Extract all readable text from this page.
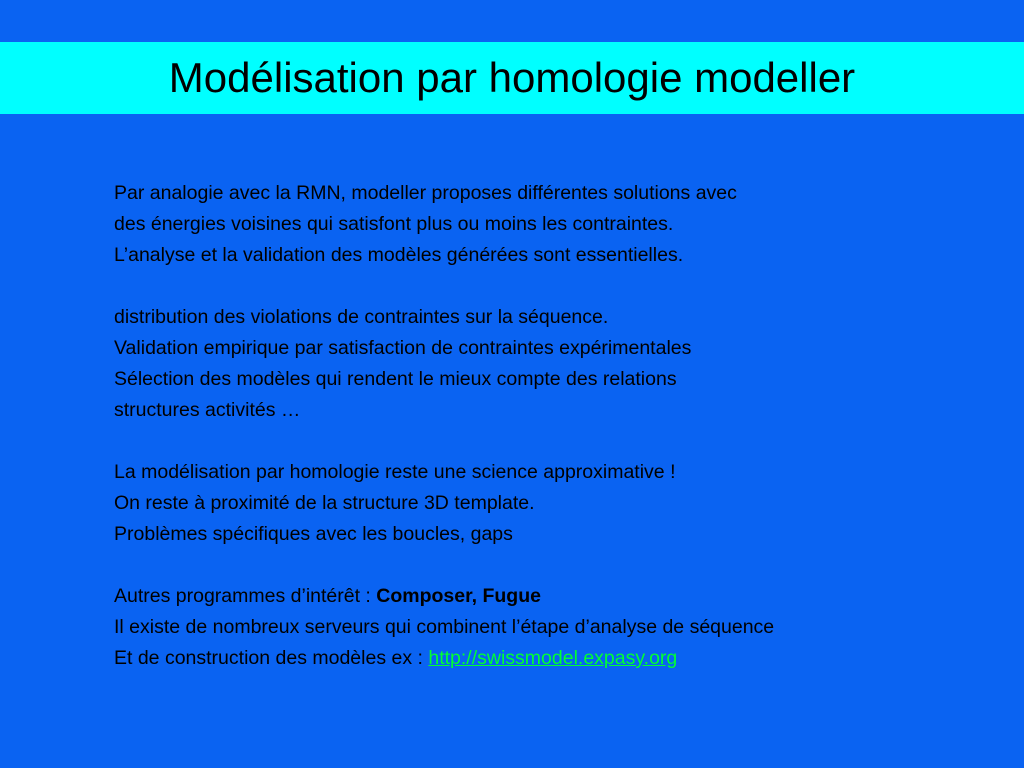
Modélisation par homologie modeller
Par analogie avec la RMN, modeller proposes différentes solutions avec
des énergies voisines qui satisfont plus ou moins les contraintes.
L’analyse et la validation des modèles générées sont essentielles.
distribution des violations de contraintes sur la séquence.
Validation empirique par satisfaction de contraintes expérimentales
Sélection des modèles qui rendent le mieux compte des relations
structures activités …
La modélisation par homologie reste une science approximative !
On reste à proximité de la structure 3D template.
Problèmes spécifiques avec les boucles, gaps
Autres programmes d’intérêt : Composer, Fugue
Il existe de nombreux serveurs qui combinent l’étape d’analyse de séquence
Et de construction des modèles ex : http://swissmodel.expasy.org
